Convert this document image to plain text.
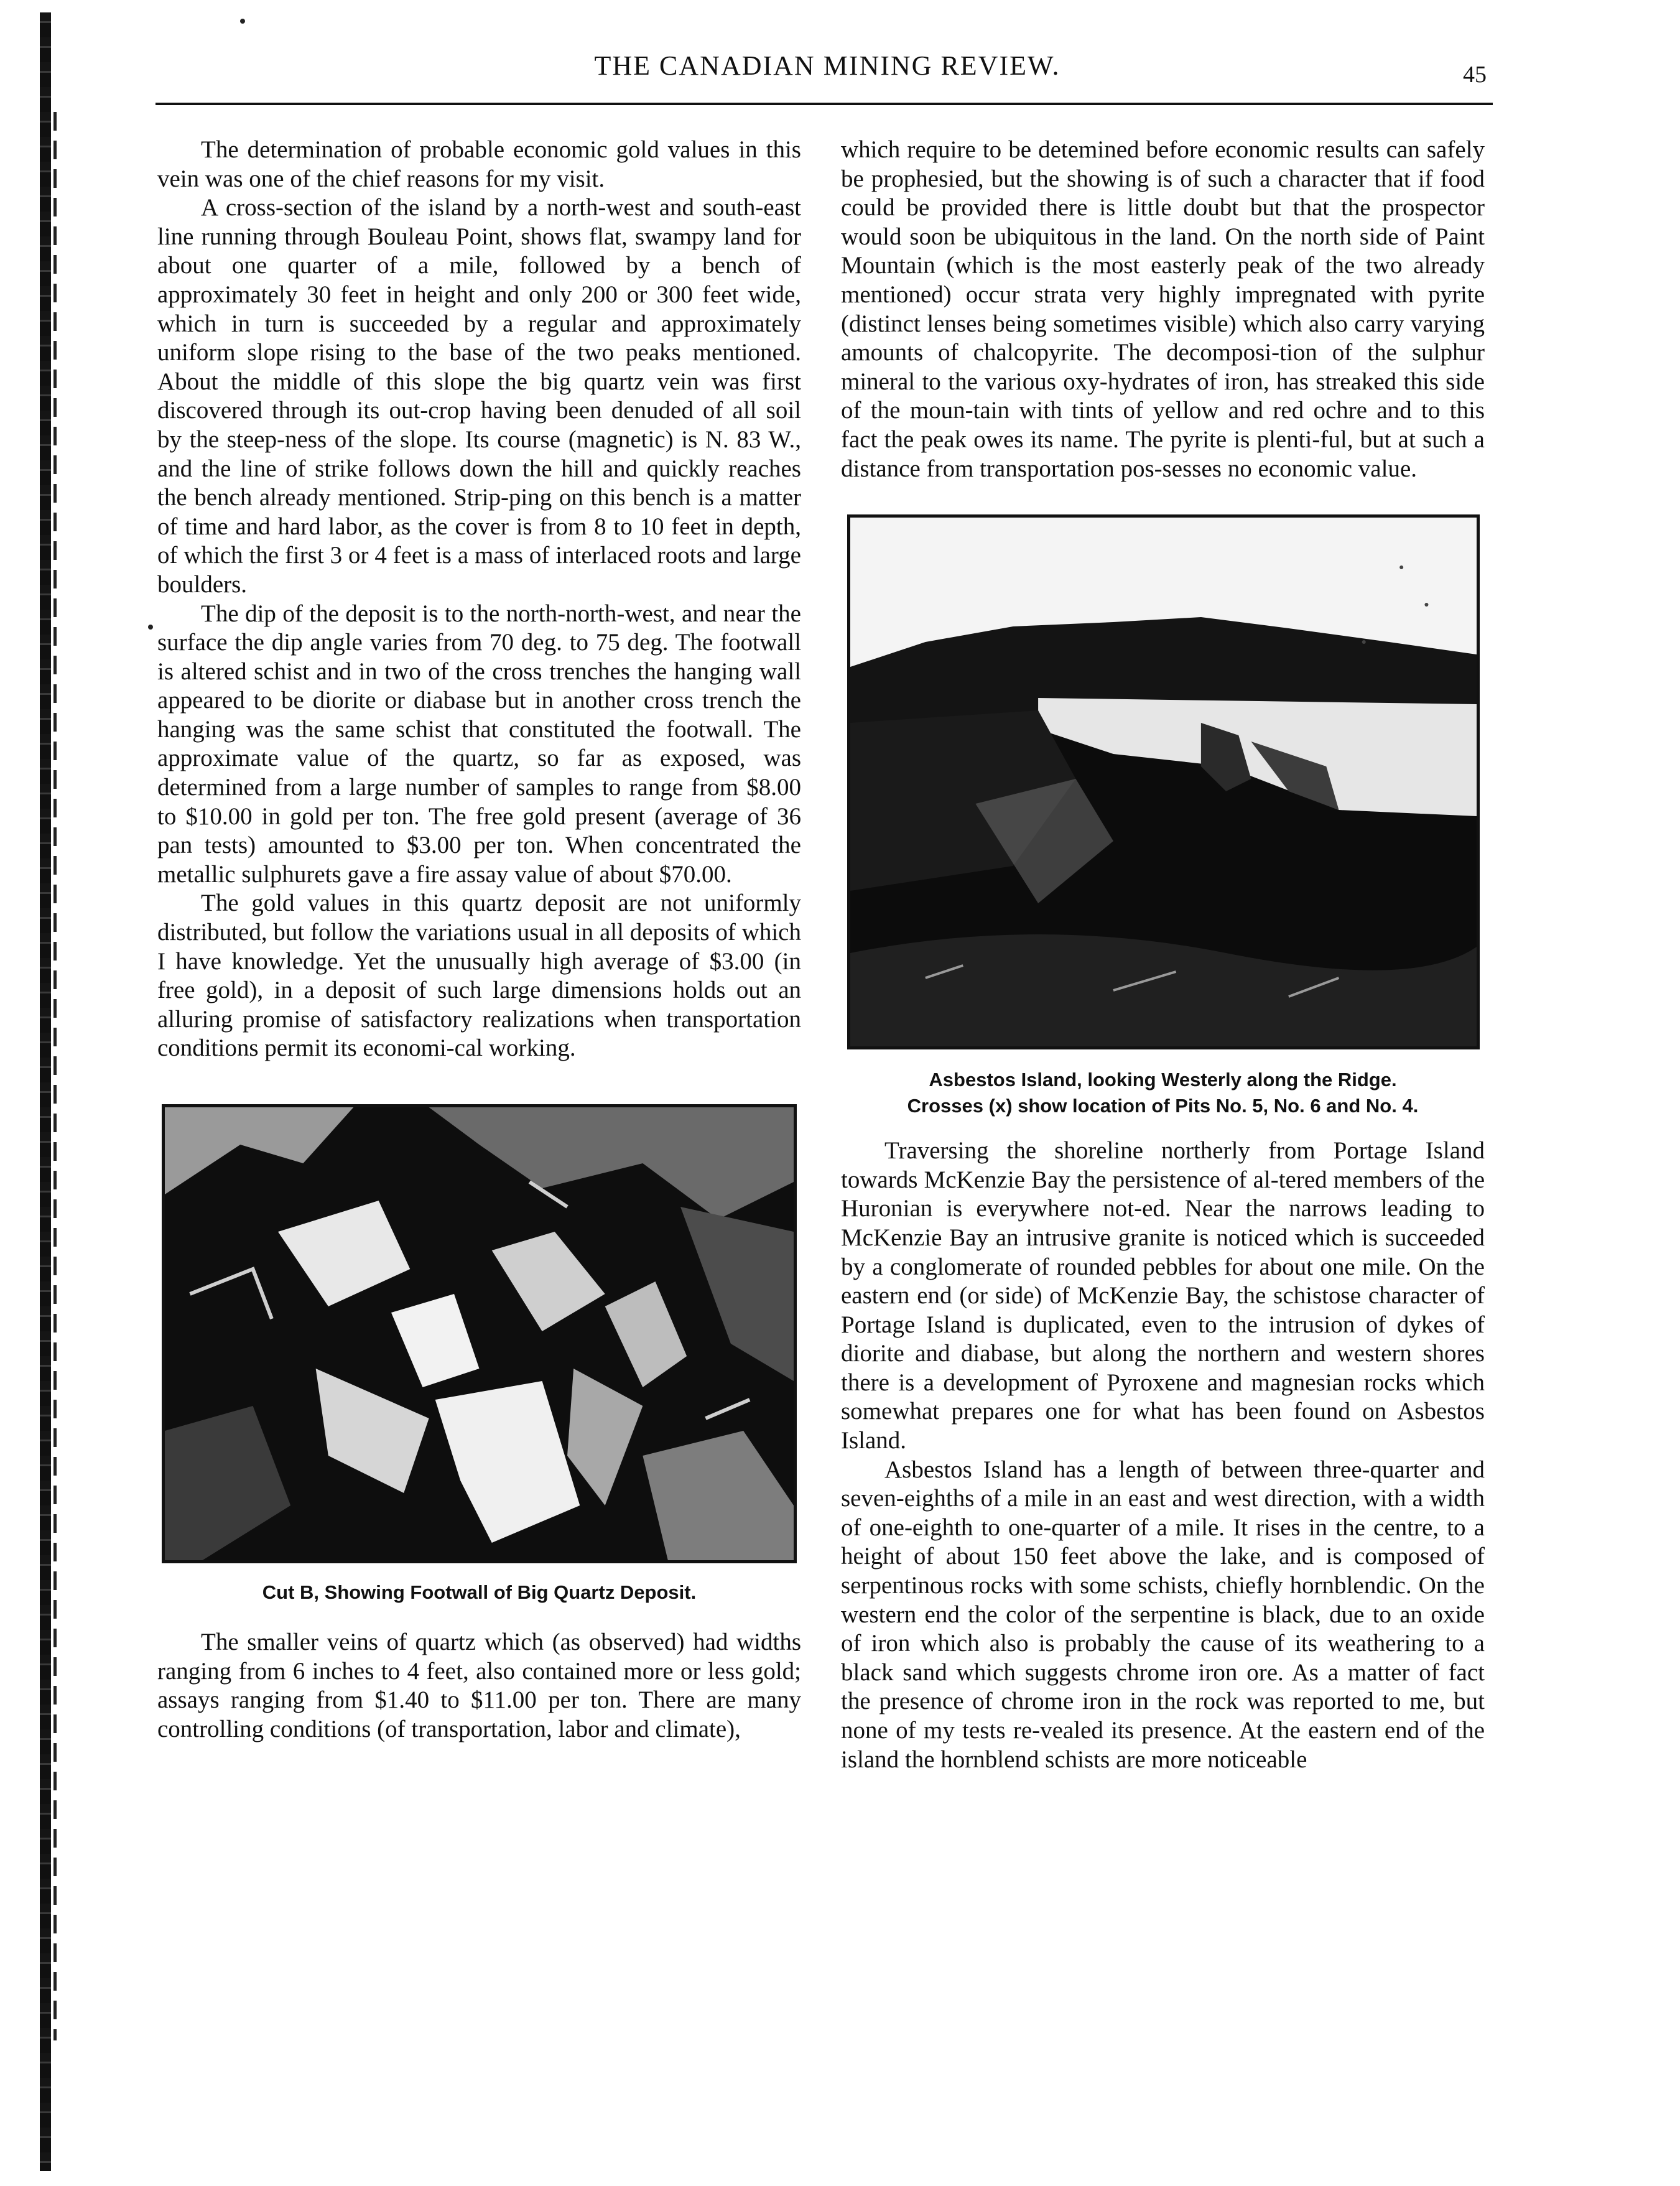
THE CANADIAN MINING REVIEW.	45

The determination of probable economic gold values in this vein was one of the chief reasons for my visit.

A cross-section of the island by a north-west and south-east line running through Bouleau Point, shows flat, swampy land for about one quarter of a mile, followed by a bench of approximately 30 feet in height and only 200 or 300 feet wide, which in turn is succeeded by a regular and approximately uniform slope rising to the base of the two peaks mentioned. About the middle of this slope the big quartz vein was first discovered through its out-crop having been denuded of all soil by the steep-ness of the slope. Its course (magnetic) is N. 83 W., and the line of strike follows down the hill and quickly reaches the bench already mentioned. Strip-ping on this bench is a matter of time and hard labor, as the cover is from 8 to 10 feet in depth, of which the first 3 or 4 feet is a mass of interlaced roots and large boulders.

The dip of the deposit is to the north-north-west, and near the surface the dip angle varies from 70 deg. to 75 deg. The footwall is altered schist and in two of the cross trenches the hanging wall appeared to be diorite or diabase but in another cross trench the hanging was the same schist that constituted the footwall. The approximate value of the quartz, so far as exposed, was determined from a large number of samples to range from $8.00 to $10.00 in gold per ton. The free gold present (average of 36 pan tests) amounted to $3.00 per ton. When concentrated the metallic sulphurets gave a fire assay value of about $70.00.

The gold values in this quartz deposit are not uniformly distributed, but follow the variations usual in all deposits of which I have knowledge. Yet the unusually high average of $3.00 (in free gold), in a deposit of such large dimensions holds out an alluring promise of satisfactory realizations when transportation conditions permit its economi-cal working.

Cut B, Showing Footwall of Big Quartz Deposit.

The smaller veins of quartz which (as observed) had widths ranging from 6 inches to 4 feet, also contained more or less gold; assays ranging from $1.40 to $11.00 per ton. There are many controlling conditions (of transportation, labor and climate),

which require to be detemined before economic results can safely be prophesied, but the showing is of such a character that if food could be provided there is little doubt but that the prospector would soon be ubiquitous in the land. On the north side of Paint Mountain (which is the most easterly peak of the two already mentioned) occur strata very highly impregnated with pyrite (distinct lenses being sometimes visible) which also carry varying amounts of chalcopyrite. The decomposi-tion of the sulphur mineral to the various oxy-hydrates of iron, has streaked this side of the moun-tain with tints of yellow and red ochre and to this fact the peak owes its name. The pyrite is plenti-ful, but at such a distance from transportation pos-sesses no economic value.

Asbestos Island, looking Westerly along the Ridge.
Crosses (x) show location of Pits No. 5, No. 6 and No. 4.

Traversing the shoreline northerly from Portage Island towards McKenzie Bay the persistence of al-tered members of the Huronian is everywhere not-ed. Near the narrows leading to McKenzie Bay an intrusive granite is noticed which is succeeded by a conglomerate of rounded pebbles for about one mile. On the eastern end (or side) of McKenzie Bay, the schistose character of Portage Island is duplicated, even to the intrusion of dykes of diorite and diabase, but along the northern and western shores there is a development of Pyroxene and magnesian rocks which somewhat prepares one for what has been found on Asbestos Island.

Asbestos Island has a length of between three-quarter and seven-eighths of a mile in an east and west direction, with a width of one-eighth to one-quarter of a mile. It rises in the centre, to a height of about 150 feet above the lake, and is composed of serpentinous rocks with some schists, chiefly hornblendic. On the western end the color of the serpentine is black, due to an oxide of iron which also is probably the cause of its weathering to a black sand which suggests chrome iron ore. As a matter of fact the presence of chrome iron in the rock was reported to me, but none of my tests re-vealed its presence. At the eastern end of the island the hornblend schists are more noticeable
